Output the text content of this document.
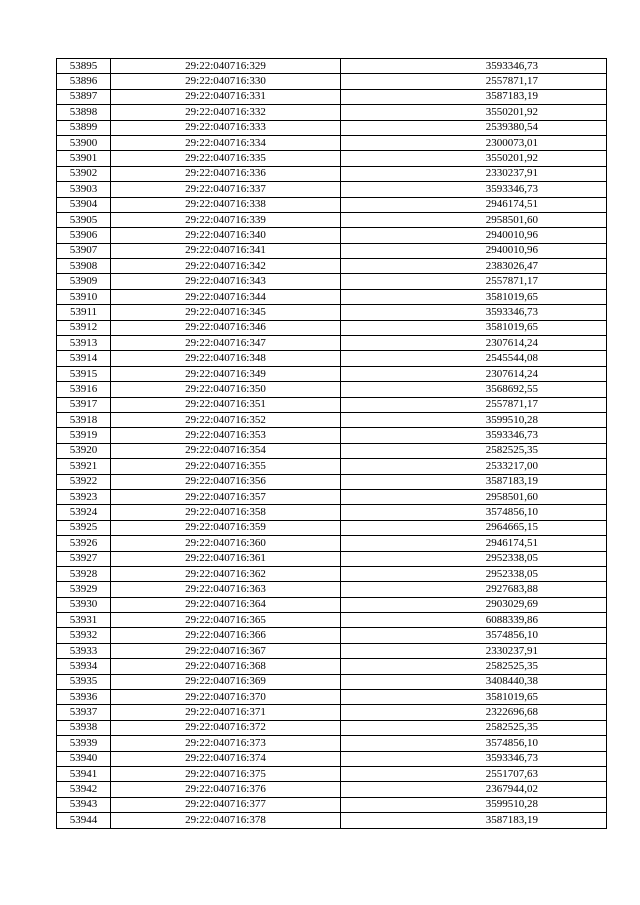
53895	29:22:040716:329	3593346,73
53896	29:22:040716:330	2557871,17
53897	29:22:040716:331	3587183,19
53898	29:22:040716:332	3550201,92
53899	29:22:040716:333	2539380,54
53900	29:22:040716:334	2300073,01
53901	29:22:040716:335	3550201,92
53902	29:22:040716:336	2330237,91
53903	29:22:040716:337	3593346,73
53904	29:22:040716:338	2946174,51
53905	29:22:040716:339	2958501,60
53906	29:22:040716:340	2940010,96
53907	29:22:040716:341	2940010,96
53908	29:22:040716:342	2383026,47
53909	29:22:040716:343	2557871,17
53910	29:22:040716:344	3581019,65
53911	29:22:040716:345	3593346,73
53912	29:22:040716:346	3581019,65
53913	29:22:040716:347	2307614,24
53914	29:22:040716:348	2545544,08
53915	29:22:040716:349	2307614,24
53916	29:22:040716:350	3568692,55
53917	29:22:040716:351	2557871,17
53918	29:22:040716:352	3599510,28
53919	29:22:040716:353	3593346,73
53920	29:22:040716:354	2582525,35
53921	29:22:040716:355	2533217,00
53922	29:22:040716:356	3587183,19
53923	29:22:040716:357	2958501,60
53924	29:22:040716:358	3574856,10
53925	29:22:040716:359	2964665,15
53926	29:22:040716:360	2946174,51
53927	29:22:040716:361	2952338,05
53928	29:22:040716:362	2952338,05
53929	29:22:040716:363	2927683,88
53930	29:22:040716:364	2903029,69
53931	29:22:040716:365	6088339,86
53932	29:22:040716:366	3574856,10
53933	29:22:040716:367	2330237,91
53934	29:22:040716:368	2582525,35
53935	29:22:040716:369	3408440,38
53936	29:22:040716:370	3581019,65
53937	29:22:040716:371	2322696,68
53938	29:22:040716:372	2582525,35
53939	29:22:040716:373	3574856,10
53940	29:22:040716:374	3593346,73
53941	29:22:040716:375	2551707,63
53942	29:22:040716:376	2367944,02
53943	29:22:040716:377	3599510,28
53944	29:22:040716:378	3587183,19
